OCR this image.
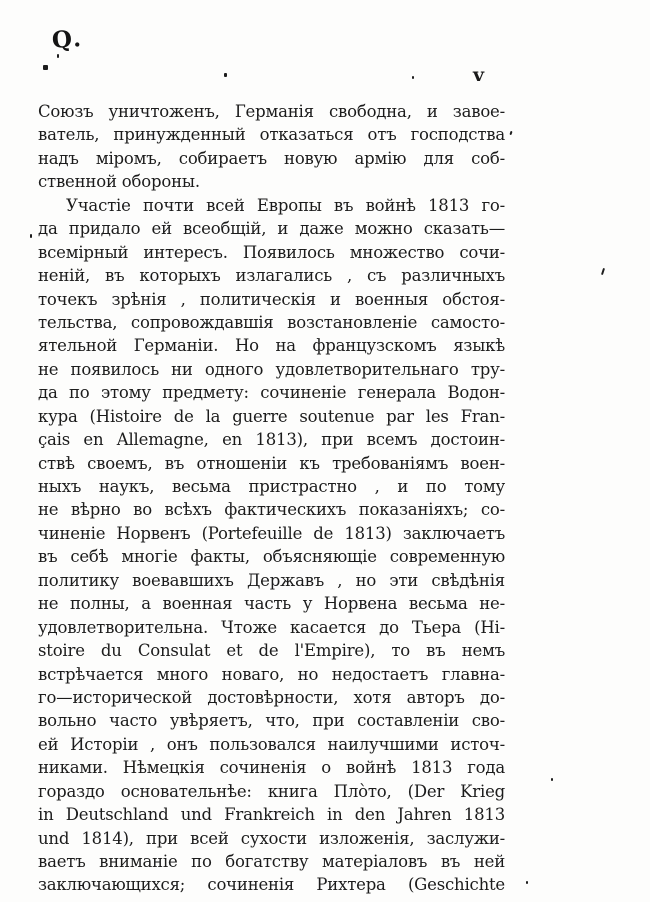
Q.
v
Союзъ уничтоженъ, Германія свободна, и завое-
ватель, принужденный отказаться отъ господства
надъ міромъ, собираетъ новую армію для соб-
ственной обороны.
Участіе почти всей Европы въ войнѣ 1813 го-
да придало ей всеобщій, и даже можно сказать—
всемірный интересъ. Появилось множество сочи-
неній, въ которыхъ излагались , съ различныхъ
точекъ зрѣнія , политическія и военныя обстоя-
тельства, сопровождавшія возстановленіе самосто-
ятельной Германіи. Но на французскомъ языкѣ
не появилось ни одного удовлетворительнаго тру-
да по этому предмету: сочиненіе генерала Водон-
кура (Histoire de la guerre soutenue par les Fran-
çais en Allemagne, en 1813), при всемъ достоин-
ствѣ своемъ, въ отношеніи къ требованіямъ воен-
ныхъ наукъ, весьма пристрастно , и по тому
не вѣрно во всѣхъ фактическихъ показаніяхъ; со-
чиненіе Норвенъ (Portefeuille de 1813) заключаетъ
въ себѣ многіе факты, объясняющіе современную
политику воевавшихъ Державъ , но эти свѣдѣнія
не полны, а военная часть у Норвена весьма не-
удовлетворительна. Чтоже касается до Тьера (Hi-
stoire du Consulat et de l'Empire), то въ немъ
встрѣчается много новаго, но недостаетъ главна-
го—исторической достовѣрности, хотя авторъ до-
вольно часто увѣряетъ, что, при составленіи сво-
ей Исторіи , онъ пользовался наилучшими источ-
никами. Нѣмецкія сочиненія о войнѣ 1813 года
гораздо основательнѣе: книга Плòто, (Der Krieg
in Deutschland und Frankreich in den Jahren 1813
und 1814), при всей сухости изложенія, заслужи-
ваетъ вниманіе по богатству матеріаловъ въ ней
заключающихся; сочиненія Рихтера (Geschichte
